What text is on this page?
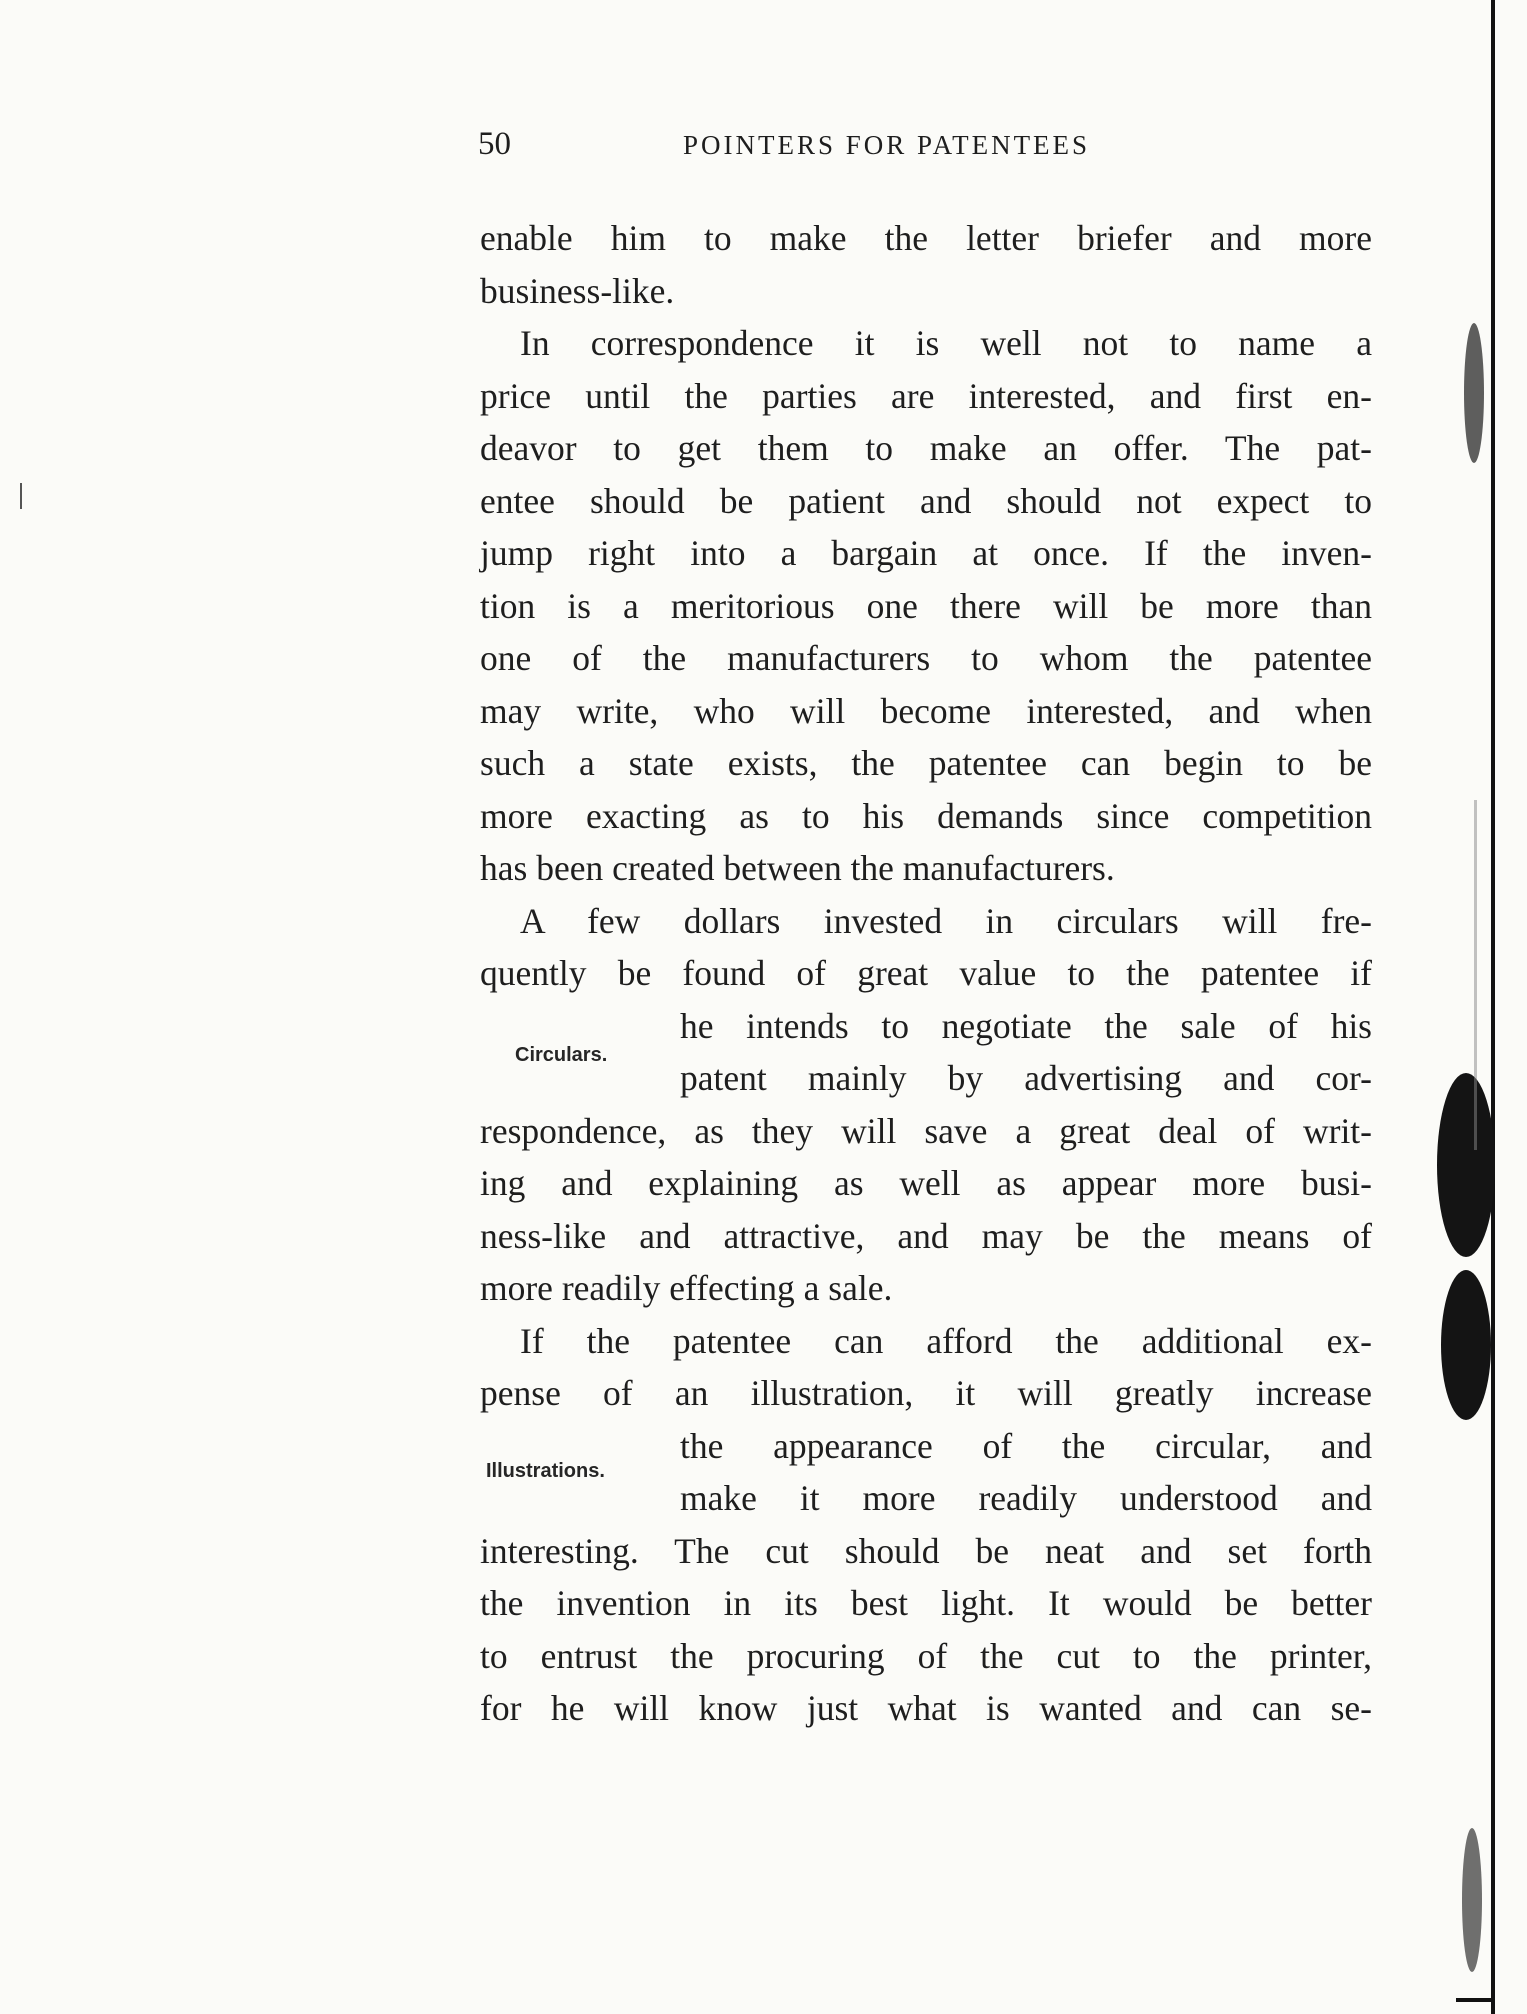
50	POINTERS FOR PATENTEES
Circulars.
Illustrations.
enable him to make the letter briefer and more
business-like.
In correspondence it is well not to name a
price until the parties are interested, and first en-
deavor to get them to make an offer. The pat-
entee should be patient and should not expect to
jump right into a bargain at once. If the inven-
tion is a meritorious one there will be more than
one of the manufacturers to whom the patentee
may write, who will become interested, and when
such a state exists, the patentee can begin to be
more exacting as to his demands since competition
has been created between the manufacturers.
A few dollars invested in circulars will fre-
quently be found of great value to the patentee if
he intends to negotiate the sale of his
patent mainly by advertising and cor-
respondence, as they will save a great deal of writ-
ing and explaining as well as appear more busi-
ness-like and attractive, and may be the means of
more readily effecting a sale.
If the patentee can afford the additional ex-
pense of an illustration, it will greatly increase
the appearance of the circular, and
make it more readily understood and
interesting. The cut should be neat and set forth
the invention in its best light. It would be better
to entrust the procuring of the cut to the printer,
for he will know just what is wanted and can se-
